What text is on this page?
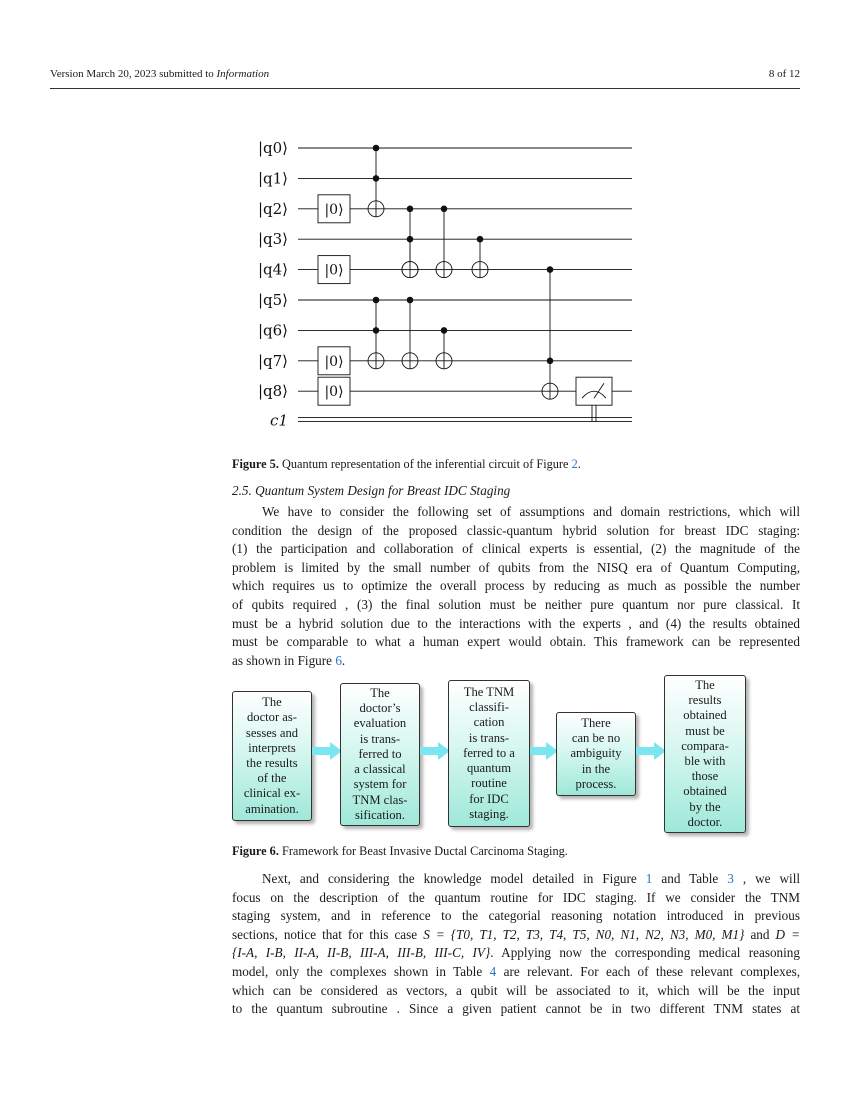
Version March 20, 2023 submitted to Information	8 of 12
|q0⟩
|q1⟩
|q2⟩
|q3⟩
|q4⟩
|q5⟩
|q6⟩
|q7⟩
|q8⟩
c1
|0⟩
|0⟩
|0⟩
|0⟩
Figure 5. Quantum representation of the inferential circuit of Figure 2.
2.5. Quantum System Design for Breast IDC Staging
We have to consider the following set of assumptions and domain restrictions, which will
condition the design of the proposed classic-quantum hybrid solution for breast IDC staging:
(1) the participation and collaboration of clinical experts is essential, (2) the magnitude of the
problem is limited by the small number of qubits from the NISQ era of Quantum Computing,
which requires us to optimize the overall process by reducing as much as possible the number
of qubits required , (3) the final solution must be neither pure quantum nor pure classical. It
must be a hybrid solution due to the interactions with the experts , and (4) the results obtained
must be comparable to what a human expert would obtain. This framework can be represented
as shown in Figure 6.
The
doctor as-
sesses and
interprets
the results
of the
clinical ex-
amination.
The
doctor’s
evaluation
is trans-
ferred to
a classical
system for
TNM clas-
sification.
The TNM
classifi-
cation
is trans-
ferred to a
quantum
routine
for IDC
staging.
There
can be no
ambiguity
in the
process.
The
results
obtained
must be
compara-
ble with
those
obtained
by the
doctor.
Figure 6. Framework for Beast Invasive Ductal Carcinoma Staging.
Next, and considering the knowledge model detailed in Figure 1 and Table 3 , we will
focus on the description of the quantum routine for IDC staging. If we consider the TNM
staging system, and in reference to the categorial reasoning notation introduced in previous
sections, notice that for this case S = {T0, T1, T2, T3, T4, T5, N0, N1, N2, N3, M0, M1} and D =
{I-A, I-B, II-A, II-B, III-A, III-B, III-C, IV}. Applying now the corresponding medical reasoning
model, only the complexes shown in Table 4 are relevant. For each of these relevant complexes,
which can be considered as vectors, a qubit will be associated to it, which will be the input
to the quantum subroutine . Since a given patient cannot be in two different TNM states at
